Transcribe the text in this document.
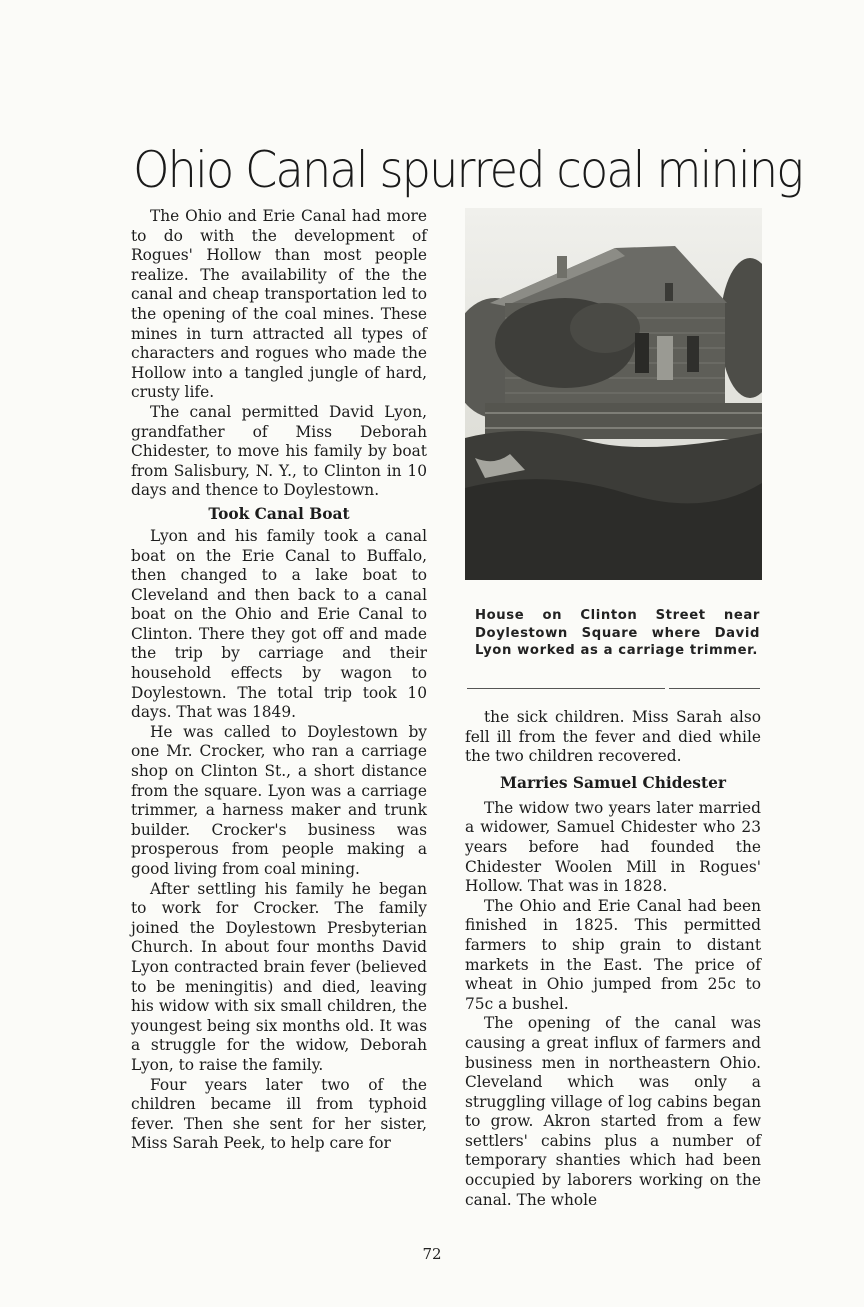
Ohio Canal spurred coal mining

The Ohio and Erie Canal had more to do with the development of Rogues' Hollow than most people realize. The availability of the the canal and cheap transportation led to the opening of the coal mines. These mines in turn attracted all types of characters and rogues who made the Hollow into a tangled jungle of hard, crusty life.

The canal permitted David Lyon, grandfather of Miss Deborah Chidester, to move his family by boat from Salisbury, N. Y., to Clinton in 10 days and thence to Doylestown.

Took Canal Boat

Lyon and his family took a canal boat on the Erie Canal to Buffalo, then changed to a lake boat to Cleveland and then back to a canal boat on the Ohio and Erie Canal to Clinton. There they got off and made the trip by carriage and their household effects by wagon to Doylestown. The total trip took 10 days. That was 1849.

He was called to Doylestown by one Mr. Crocker, who ran a carriage shop on Clinton St., a short distance from the square. Lyon was a carriage trimmer, a harness maker and trunk builder. Crocker's business was prosperous from people making a good living from coal mining.

After settling his family he began to work for Crocker. The family joined the Doylestown Presbyterian Church. In about four months David Lyon contracted brain fever (believed to be meningitis) and died, leaving his widow with six small children, the youngest being six months old. It was a struggle for the widow, Deborah Lyon, to raise the family.

Four years later two of the children became ill from typhoid fever. Then she sent for her sister, Miss Sarah Peek, to help care for

House on Clinton Street near Doylestown Square where David Lyon worked as a carriage trimmer.

the sick children. Miss Sarah also fell ill from the fever and died while the two children recovered.

Marries Samuel Chidester

The widow two years later married a widower, Samuel Chidester who 23 years before had founded the Chidester Woolen Mill in Rogues' Hollow. That was in 1828.

The Ohio and Erie Canal had been finished in 1825. This permitted farmers to ship grain to distant markets in the East. The price of wheat in Ohio jumped from 25c to 75c a bushel.

The opening of the canal was causing a great influx of farmers and business men in northeastern Ohio. Cleveland which was only a struggling village of log cabins began to grow. Akron started from a few settlers' cabins plus a number of temporary shanties which had been occupied by laborers working on the canal. The whole

72
